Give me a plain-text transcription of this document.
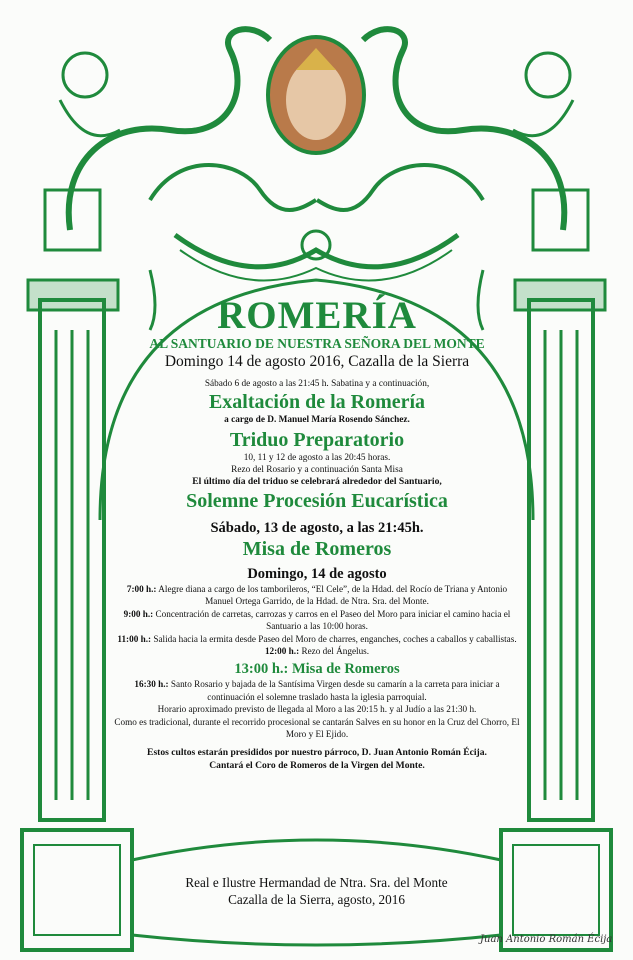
ROMERÍA
AL SANTUARIO DE NUESTRA SEÑORA DEL MONTE
Domingo 14 de agosto 2016, Cazalla de la Sierra
Sábado 6 de agosto a las 21:45 h. Sabatina y a continuación,
Exaltación de la Romería
a cargo de D. Manuel María Rosendo Sánchez.
Triduo Preparatorio
10, 11 y 12 de agosto a las 20:45 horas.
Rezo del Rosario y a continuación Santa Misa
El último día del triduo se celebrará alrededor del Santuario,
Solemne Procesión Eucarística
Sábado, 13 de agosto, a las 21:45h.
Misa de Romeros
Domingo, 14 de agosto
7:00 h.: Alegre diana a cargo de los tamborileros, “El Cele”, de la Hdad. del Rocío de Triana y Antonio Manuel Ortega Garrido, de la Hdad. de Ntra. Sra. del Monte.
9:00 h.: Concentración de carretas, carrozas y carros en el Paseo del Moro para iniciar el camino hacia el Santuario a las 10:00 horas.
11:00 h.: Salida hacia la ermita desde Paseo del Moro de charres, enganches, coches a caballos y caballistas.
12:00 h.: Rezo del Ángelus.
13:00 h.: Misa de Romeros
16:30 h.: Santo Rosario y bajada de la Santísima Virgen desde su camarín a la carreta para iniciar a continuación el solemne traslado hasta la iglesia parroquial.
Horario aproximado previsto de llegada al Moro a las 20:15 h. y al Judío a las 21:30 h.
Como es tradicional, durante el recorrido procesional se cantarán Salves en su honor en la Cruz del Chorro, El Moro y El Ejido.
Estos cultos estarán presididos por nuestro párroco, D. Juan Antonio Román Écija.
Cantará el Coro de Romeros de la Virgen del Monte.
Real e Ilustre Hermandad de Ntra. Sra. del Monte
Cazalla de la Sierra, agosto, 2016
Juan Antonio Román Écija
